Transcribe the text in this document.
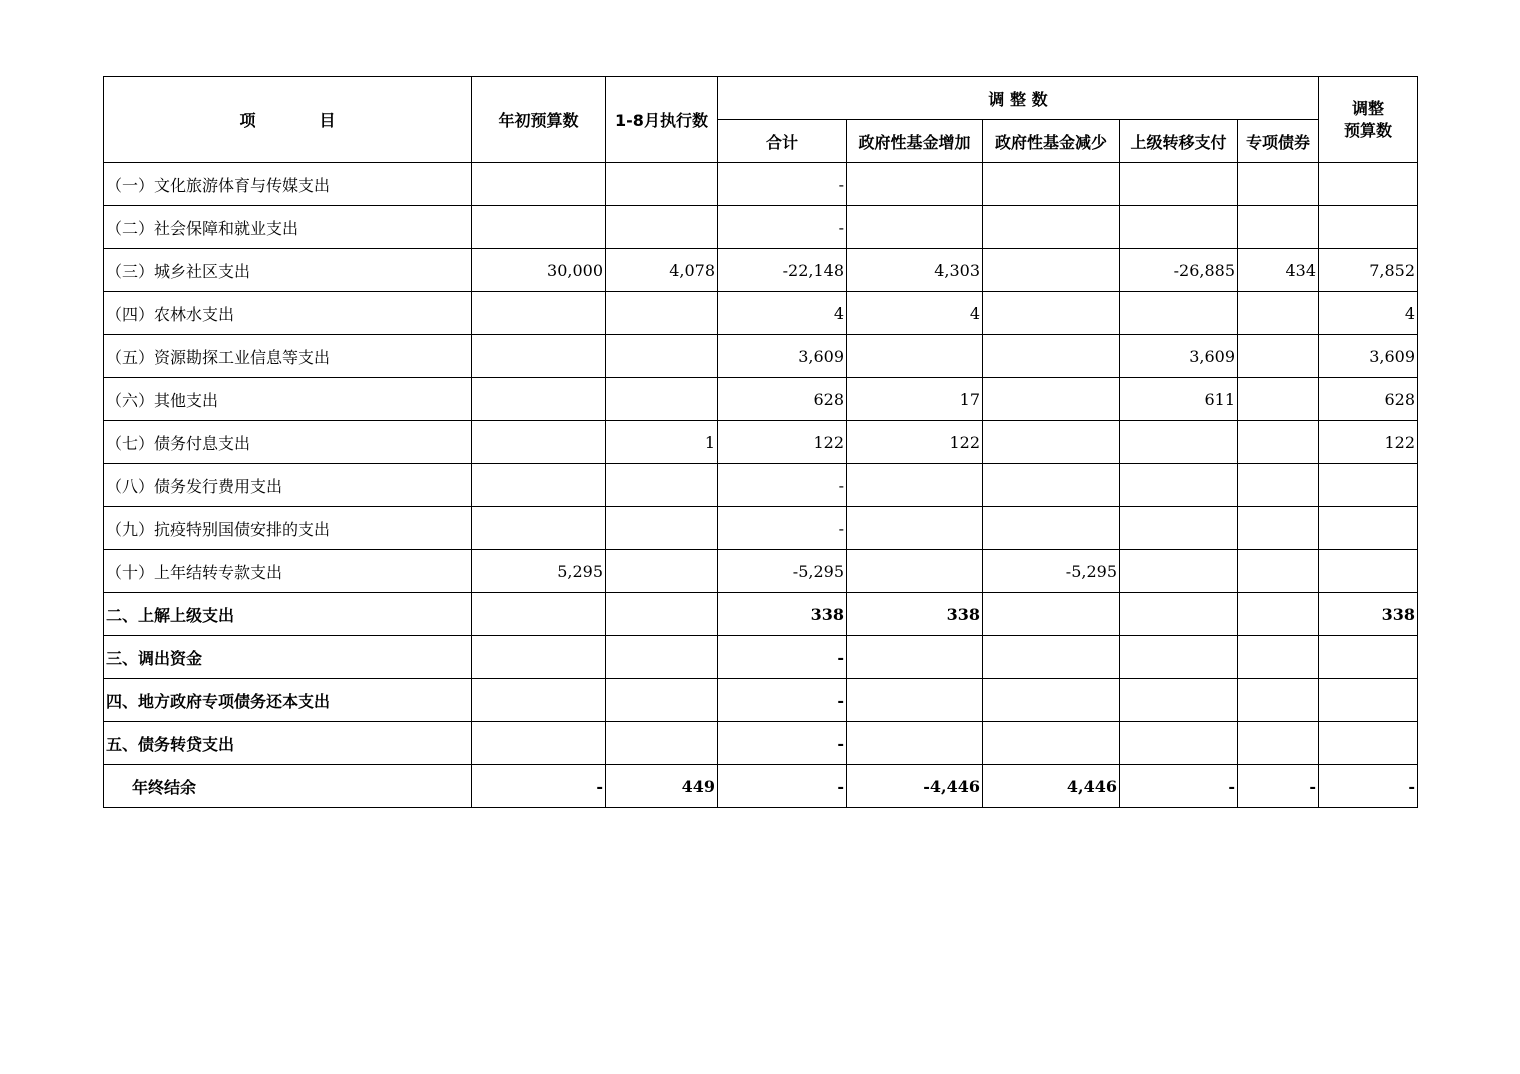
项　　　　目	年初预算数	1-8月执行数	调 整 数					调整
预算数
			合计	政府性基金增加	政府性基金减少	上级转移支付	专项债券	
（一）文化旅游体育与传媒支出			-					
（二）社会保障和就业支出			-					
（三）城乡社区支出	30,000	4,078	-22,148	4,303		-26,885	434	7,852
（四）农林水支出			4	4				4
（五）资源勘探工业信息等支出			3,609			3,609		3,609
（六）其他支出			628	17		611		628
（七）债务付息支出		1	122	122				122
（八）债务发行费用支出			-					
（九）抗疫特别国债安排的支出			-					
（十）上年结转专款支出	5,295		-5,295		-5,295			
二、上解上级支出			338	338				338
三、调出资金			-					
四、地方政府专项债务还本支出			-					
五、债务转贷支出			-					
年终结余	-	449	-	-4,446	4,446	-	-	-
